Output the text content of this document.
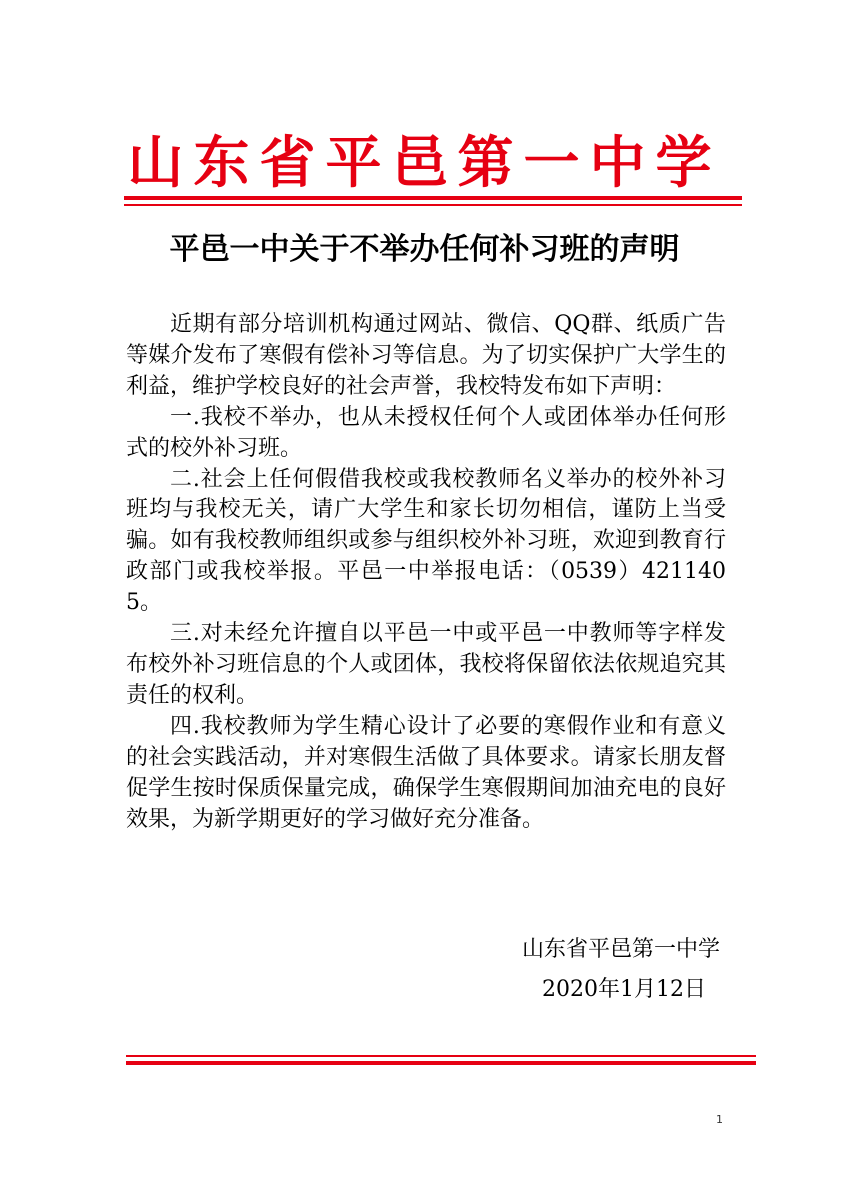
山东省平邑第一中学
平邑一中关于不举办任何补习班的声明

近期有部分培训机构通过网站、微信、QQ群、纸质广告等媒介发布了寒假有偿补习等信息。为了切实保护广大学生的利益，维护学校良好的社会声誉，我校特发布如下声明：

一.我校不举办，也从未授权任何个人或团体举办任何形式的校外补习班。

二.社会上任何假借我校或我校教师名义举办的校外补习班均与我校无关，请广大学生和家长切勿相信，谨防上当受骗。如有我校教师组织或参与组织校外补习班，欢迎到教育行政部门或我校举报。平邑一中举报电话：（0539）4211405。

三.对未经允许擅自以平邑一中或平邑一中教师等字样发布校外补习班信息的个人或团体，我校将保留依法依规追究其责任的权利。

四.我校教师为学生精心设计了必要的寒假作业和有意义的社会实践活动，并对寒假生活做了具体要求。请家长朋友督促学生按时保质保量完成，确保学生寒假期间加油充电的良好效果，为新学期更好的学习做好充分准备。

山东省平邑第一中学
2020年1月12日
1
